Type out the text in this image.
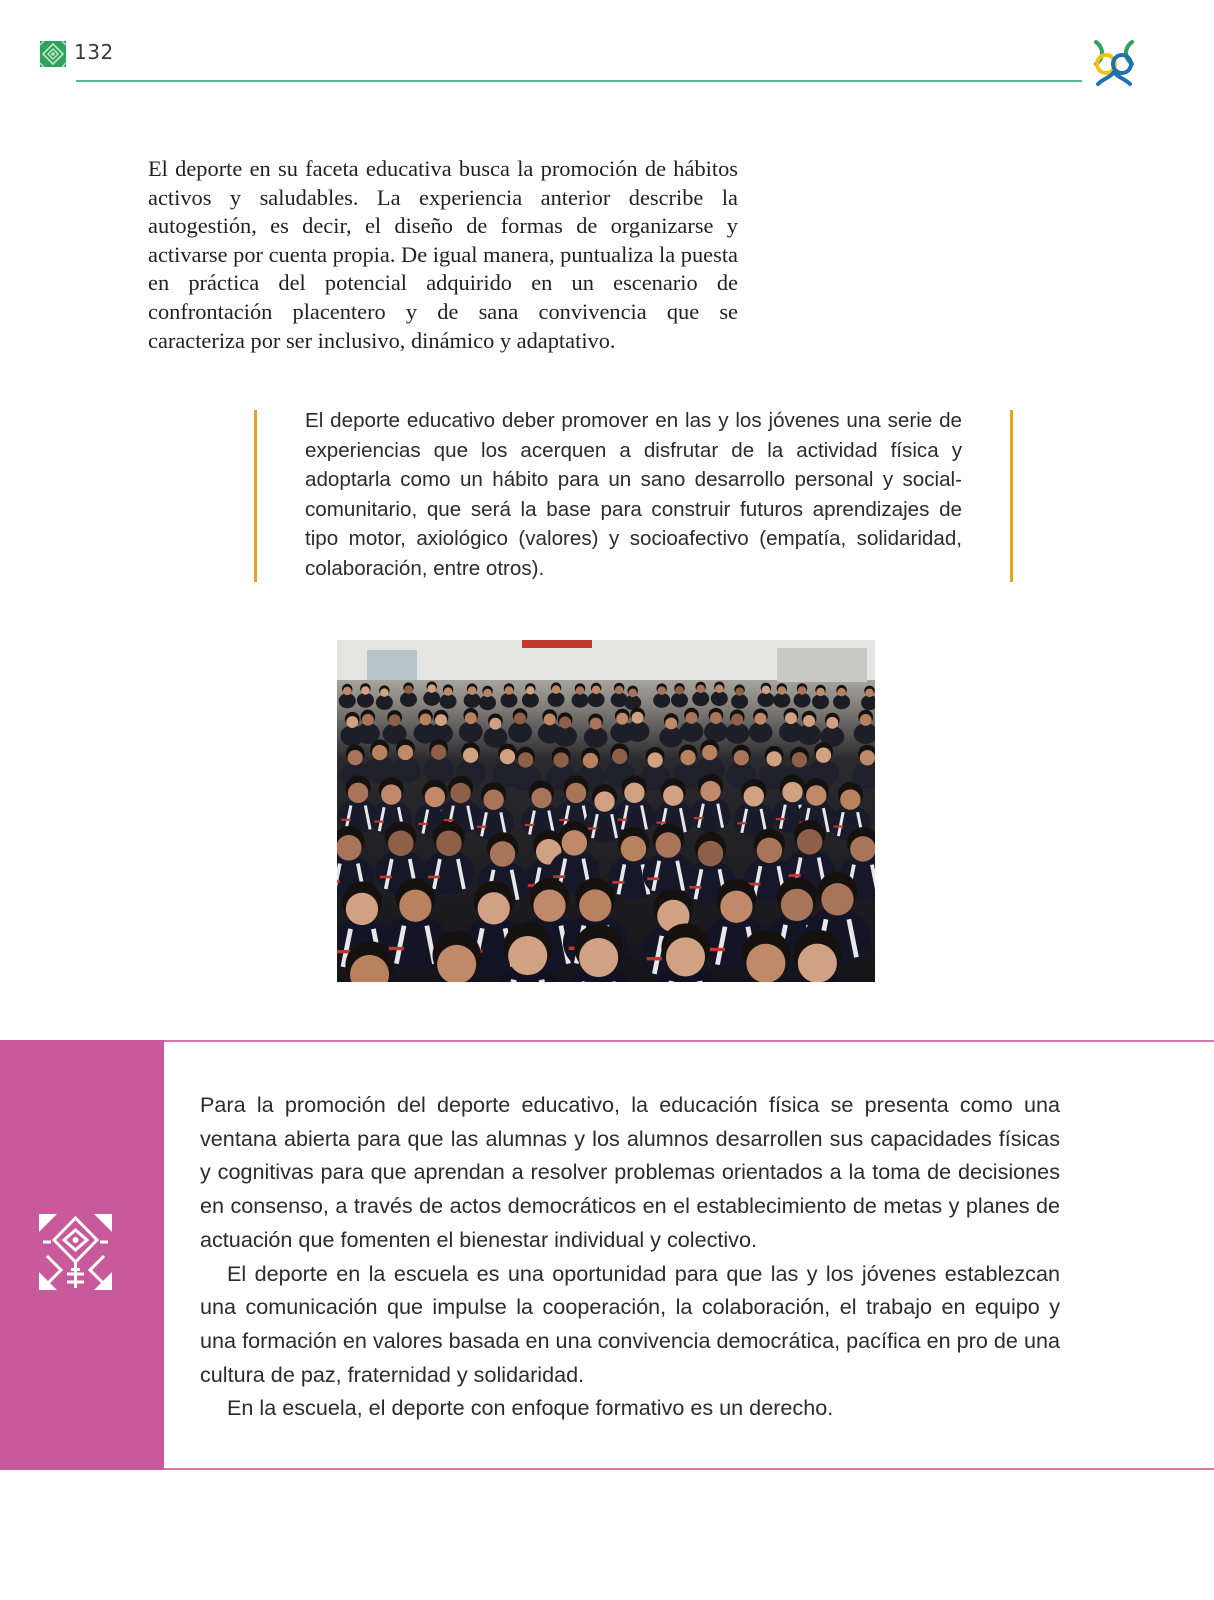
132

El deporte en su faceta educativa busca la promoción de hábitos activos y saludables. La experiencia anterior describe la autogestión, es decir, el diseño de formas de organizarse y activarse por cuenta propia. De igual manera, puntualiza la puesta en práctica del potencial adquirido en un escenario de confrontación placentero y de sana convivencia que se caracteriza por ser inclusivo, dinámico y adaptativo.

El deporte educativo deber promover en las y los jóvenes una serie de experiencias que los acerquen a disfrutar de la actividad física y adoptarla como un hábito para un sano desarrollo personal y social-comunitario, que será la base para construir futuros aprendizajes de tipo motor, axiológico (valores) y socioafectivo (empatía, solidaridad, colaboración, entre otros).

Para la promoción del deporte educativo, la educación física se presenta como una ventana abierta para que las alumnas y los alumnos desarrollen sus capacidades físicas y cognitivas para que aprendan a resolver problemas orientados a la toma de decisiones en consenso, a través de actos democráticos en el establecimiento de metas y planes de actuación que fomenten el bienestar individual y colectivo.

El deporte en la escuela es una oportunidad para que las y los jóvenes establezcan una comunicación que impulse la cooperación, la colaboración, el trabajo en equipo y una formación en valores basada en una convivencia democrática, pacífica en pro de una cultura de paz, fraternidad y solidaridad.

En la escuela, el deporte con enfoque formativo es un derecho.
